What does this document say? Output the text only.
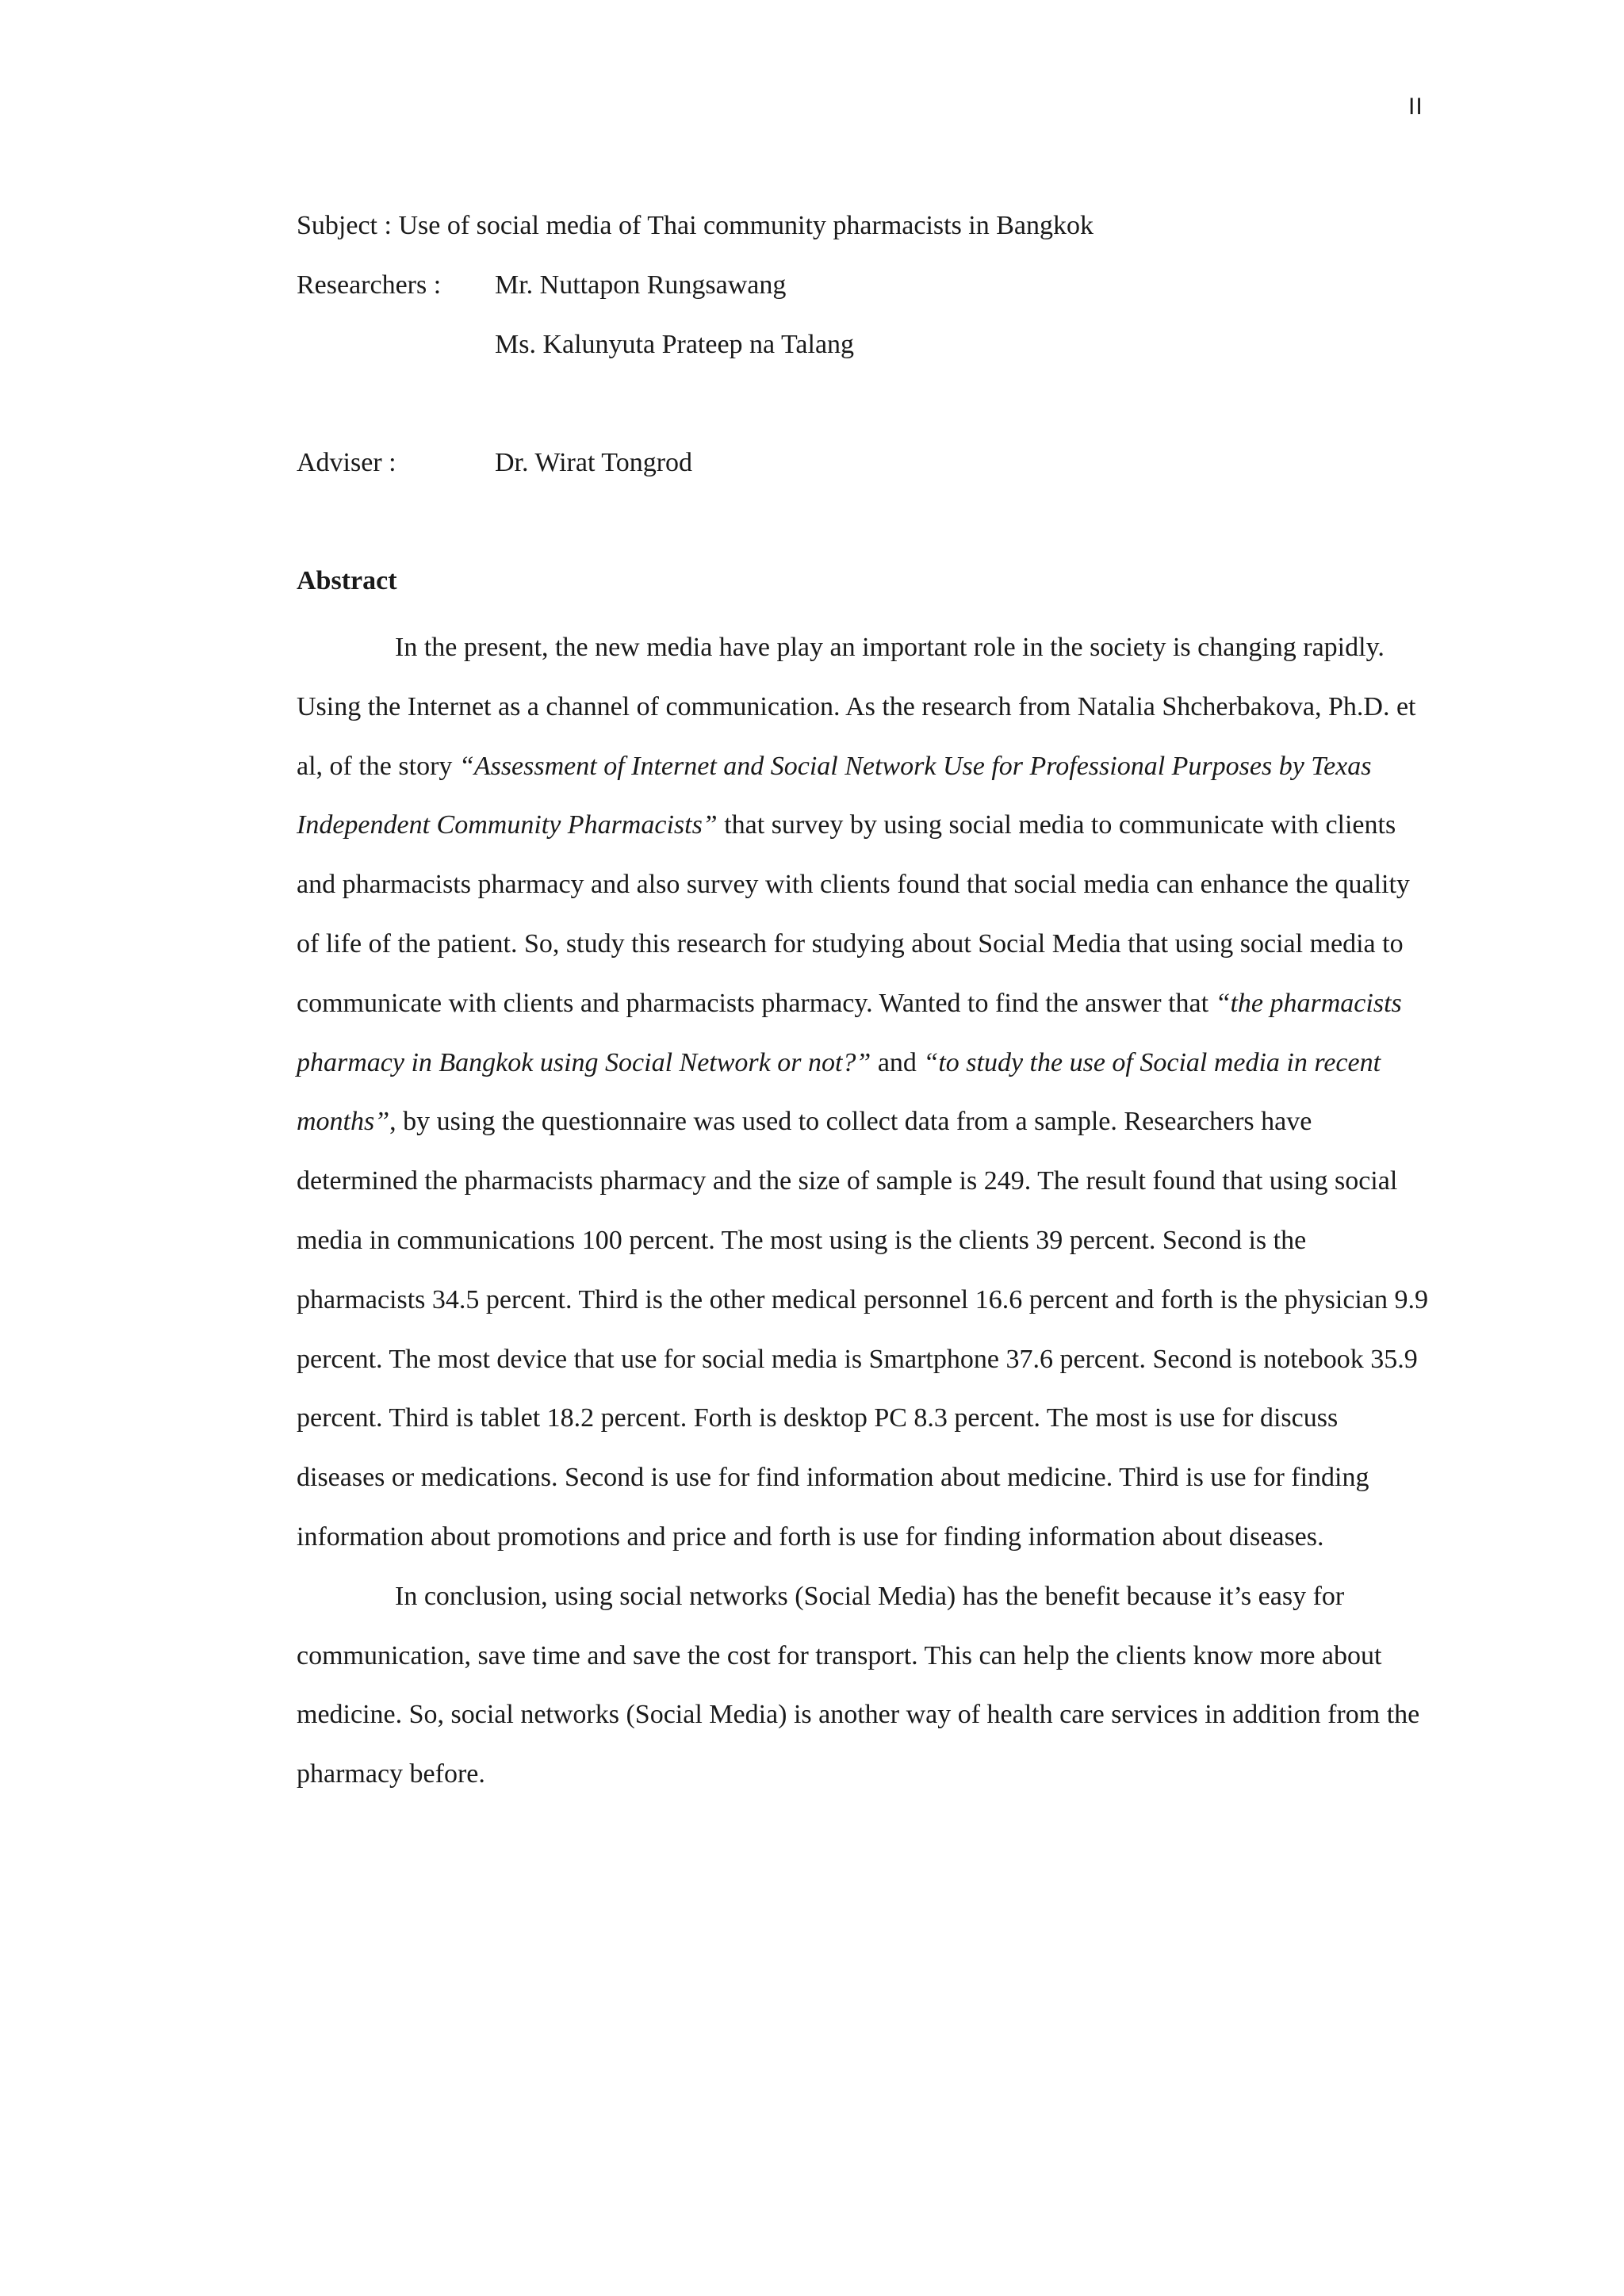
II
Subject : Use of social media of Thai community pharmacists in Bangkok
Researchers : Mr. Nuttapon Rungsawang
Ms. Kalunyuta Prateep na Talang
Adviser :	Dr. Wirat Tongrod
Abstract

In the present, the new media have play an important role in the society is changing rapidly. Using the Internet as a channel of communication. As the research from Natalia Shcherbakova, Ph.D. et al, of the story “Assessment of Internet and Social Network Use for Professional Purposes by Texas Independent Community Pharmacists” that survey by using social media to communicate with clients and pharmacists pharmacy and also survey with clients found that social media can enhance the quality of life of the patient. So, study this research for studying about Social Media that using social media to communicate with clients and pharmacists pharmacy. Wanted to find the answer that “the pharmacists pharmacy in Bangkok using Social Network or not?” and “to study the use of Social media in recent months”, by using the questionnaire was used to collect data from a sample. Researchers have determined the pharmacists pharmacy and the size of sample is 249. The result found that using social media in communications 100 percent. The most using is the clients 39 percent. Second is the pharmacists 34.5 percent. Third is the other medical personnel 16.6 percent and forth is the physician 9.9 percent. The most device that use for social media is Smartphone 37.6 percent. Second is notebook 35.9 percent. Third is tablet 18.2 percent. Forth is desktop PC 8.3 percent. The most is use for discuss diseases or medications. Second is use for find information about medicine. Third is use for finding information about promotions and price and forth is use for finding information about diseases.

In conclusion, using social networks (Social Media) has the benefit because it’s easy for communication, save time and save the cost for transport. This can help the clients know more about medicine. So, social networks (Social Media) is another way of health care services in addition from the pharmacy before.
